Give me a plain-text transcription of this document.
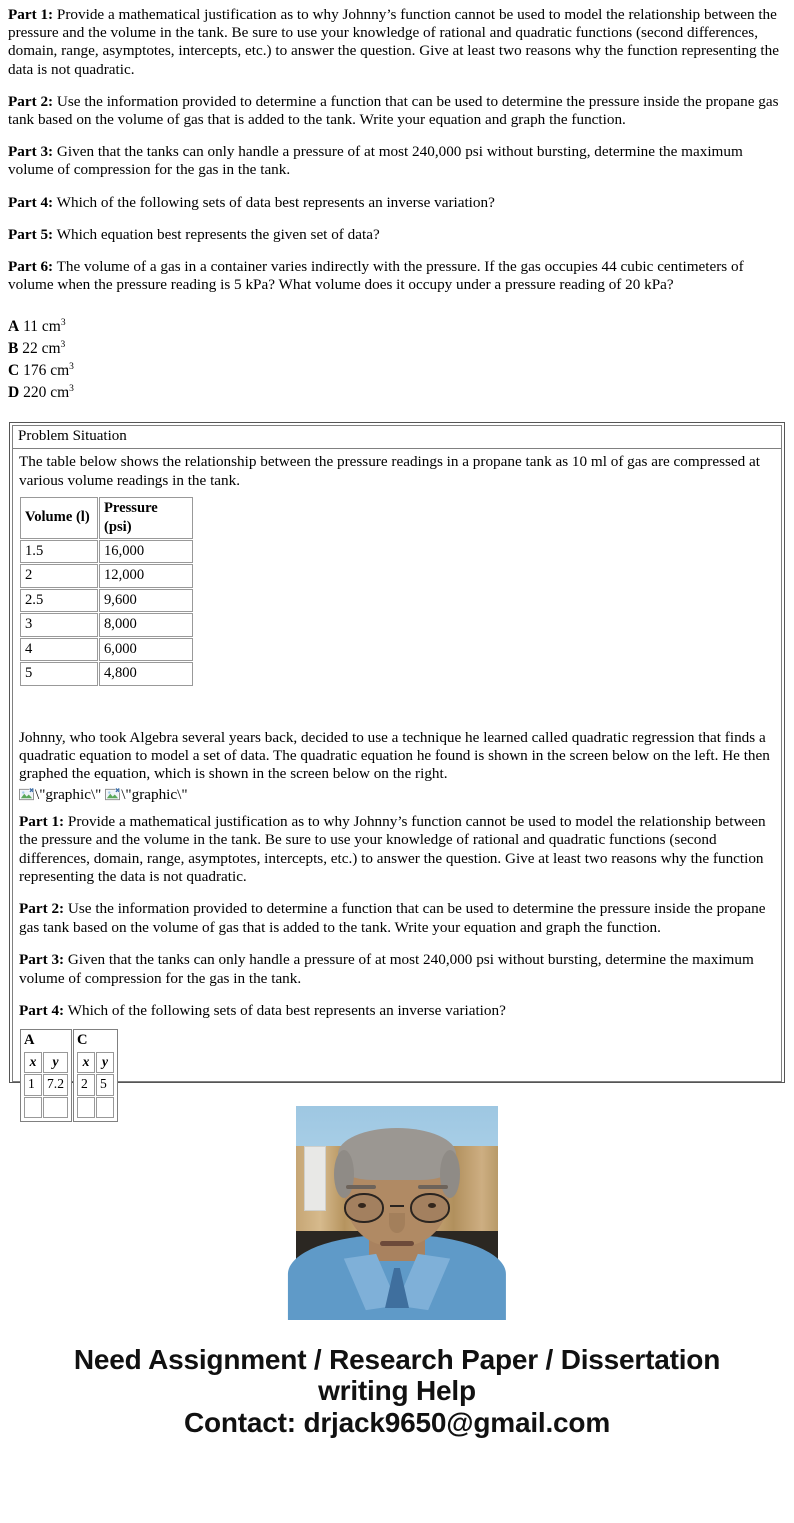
Part 1: Provide a mathematical justification as to why Johnny’s function cannot be used to model the relationship between the pressure and the volume in the tank. Be sure to use your knowledge of rational and quadratic functions (second differences, domain, range, asymptotes, intercepts, etc.) to answer the question. Give at least two reasons why the function representing the data is not quadratic.

Part 2: Use the information provided to determine a function that can be used to determine the pressure inside the propane gas tank based on the volume of gas that is added to the tank. Write your equation and graph the function.

Part 3: Given that the tanks can only handle a pressure of at most 240,000 psi without bursting, determine the maximum volume of compression for the gas in the tank.

Part 4: Which of the following sets of data best represents an inverse variation?

Part 5: Which equation best represents the given set of data?

Part 6: The volume of a gas in a container varies indirectly with the pressure. If the gas occupies 44 cubic centimeters of volume when the pressure reading is 5 kPa? What volume does it occupy under a pressure reading of 20 kPa?

A 11 $cm^3$

B 22 $cm^3$

C 176 $cm^3$

D 220 $cm^3$

Problem Situation

The table below shows the relationship between the pressure readings in a propane tank as 10 ml of gas are compressed at various volume readings in the tank.

Volume (l)	Pressure (psi)
1.5	16,000
2	12,000
2.5	9,600
3	8,000
4	6,000
5	4,800

Johnny, who took Algebra several years back, decided to use a technique he learned called quadratic regression that finds a quadratic equation to model a set of data. The quadratic equation he found is shown in the screen below on the left. He then graphed the equation, which is shown in the screen below on the right.

\"graphic\" \"graphic\"

Part 1: Provide a mathematical justification as to why Johnny’s function cannot be used to model the relationship between the pressure and the volume in the tank. Be sure to use your knowledge of rational and quadratic functions (second differences, domain, range, asymptotes, intercepts, etc.) to answer the question. Give at least two reasons why the function representing the data is not quadratic.

Part 2: Use the information provided to determine a function that can be used to determine the pressure inside the propane gas tank based on the volume of gas that is added to the tank. Write your equation and graph the function.

Part 3: Given that the tanks can only handle a pressure of at most 240,000 psi without bursting, determine the maximum volume of compression for the gas in the tank.

Part 4: Which of the following sets of data best represents an inverse variation?

A
x	y
1	7.2

C
x	y
2	5

Need Assignment / Research Paper / Dissertation
writing Help
Contact: drjack9650@gmail.com
